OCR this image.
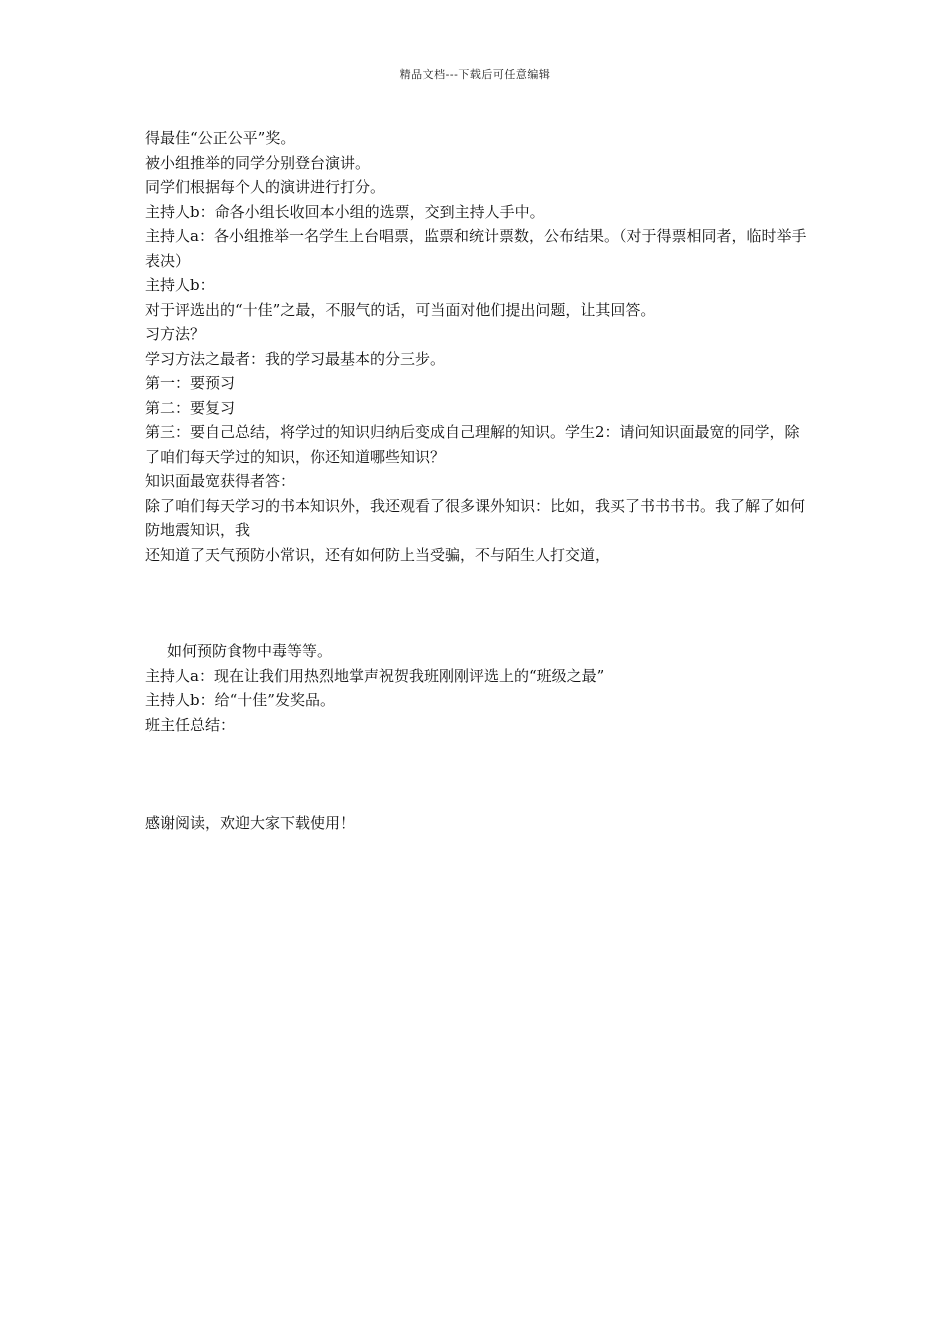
精品文档---下载后可任意编辑

得最佳“公正公平”奖。

被小组推举的同学分别登台演讲。

同学们根据每个人的演讲进行打分。

主持人b：命各小组长收回本小组的选票，交到主持人手中。

主持人a：各小组推举一名学生上台唱票，监票和统计票数，公布结果。（对于得票相同者，临时举手表决）

主持人b：

对于评选出的“十佳”之最，不服气的话，可当面对他们提出问题，让其回答。

习方法？

学习方法之最者：我的学习最基本的分三步。

第一：要预习

第二：要复习

第三：要自己总结，将学过的知识归纳后变成自己理解的知识。学生2：请问知识面最宽的同学，除了咱们每天学过的知识，你还知道哪些知识？

知识面最宽获得者答：

除了咱们每天学习的书本知识外，我还观看了很多课外知识：比如，我买了书书书书。我了解了如何防地震知识，我

还知道了天气预防小常识，还有如何防上当受骗，不与陌生人打交道，

如何预防食物中毒等等。

主持人a：现在让我们用热烈地掌声祝贺我班刚刚评选上的“班级之最”

主持人b：给“十佳”发奖品。

班主任总结：

感谢阅读，欢迎大家下载使用！
